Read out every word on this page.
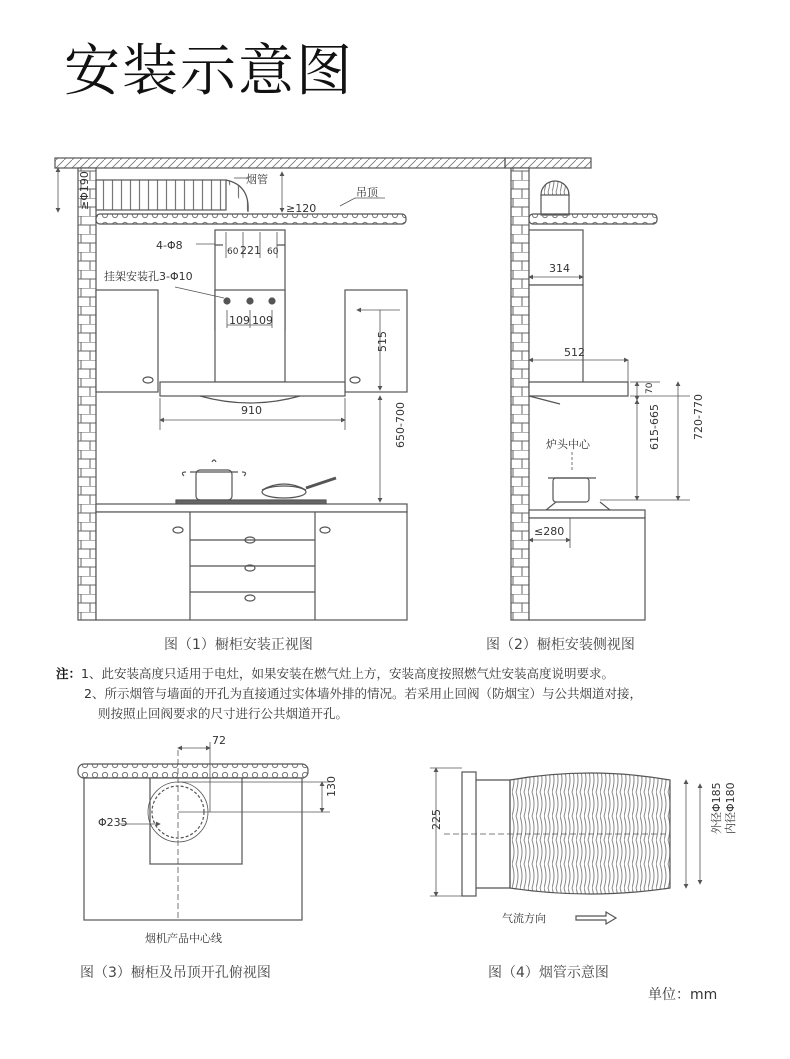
安装示意图
烟管
吊顶
≥Φ190	≥120
4-Φ8	60 221 60
挂架安装孔3-Φ10
109 109
515
910	650-700
314
512
70
炉头中心	615-665	720-770
≤280
72
130
Φ235
烟机产品中心线
225	外径Φ185 内径Φ180
气流方向
图（1）橱柜安装正视图	图（2）橱柜安装侧视图
注：1、此安装高度只适用于电灶，如果安装在燃气灶上方，安装高度按照燃气灶安装高度说明要求。
2、所示烟管与墙面的开孔为直接通过实体墙外排的情况。若采用止回阀（防烟宝）与公共烟道对接，
则按照止回阀要求的尺寸进行公共烟道开孔。
图（3）橱柜及吊顶开孔俯视图	图（4）烟管示意图
单位：mm
